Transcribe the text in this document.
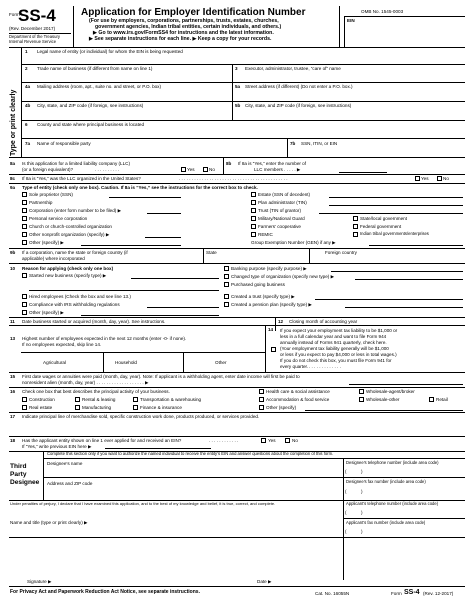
Form
SS-4
(Rev. December 2017)
Department of the Treasury
Internal Revenue Service
Application for Employer Identification Number
(For use by employers, corporations, partnerships, trusts, estates, churches,
government agencies, Indian tribal entities, certain individuals, and others.)
▶ Go to www.irs.gov/FormSS4 for instructions and the latest information.
▶ See separate instructions for each line. ▶ Keep a copy for your records.
OMB No. 1545-0003
EIN
Type or print clearly
1 Legal name of entity (or individual) for whom the EIN is being requested
2 Trade name of business (if different from name on line 1)	3 Executor, administrator, trustee, “care of” name
4a Mailing address (room, apt., suite no. and street, or P.O. box)	5a Street address (if different) (Do not enter a P.O. box.)
4b City, state, and ZIP code (if foreign, see instructions)	5b City, state, and ZIP code (if foreign, see instructions)
6 County and state where principal business is located
7a Name of responsible party	7b SSN, ITIN, or EIN
8a Is this application for a limited liability company (LLC)
(or a foreign equivalent)?	. . . . . . . . . .	Yes	No
8b If 8a is “Yes,” enter the number of
LLC members . . . . . ▶
8c If 8a is “Yes,” was the LLC organized in the United States?	. . . . . . . . . . . . . . . . . . . . . . . . . . . . . . . . . . . . . . . . . . .	Yes	No
9a Type of entity (check only one box). Caution. If 8a is “Yes,” see the instructions for the correct box to check.
Sole proprietor (SSN)
Partnership
Corporation (enter form number to be filed) ▶
Personal service corporation
Church or church-controlled organization
Other nonprofit organization (specify) ▶
Other (specify) ▶
Estate (SSN of decedent)
Plan administrator (TIN)
Trust (TIN of grantor)
Military/National Guard
Farmers’ cooperative
REMIC
Group Exemption Number (GEN) if any ▶
State/local government
Federal government
Indian tribal governments/enterprises
9b If a corporation, name the state or foreign country (if
applicable) where incorporated
State	Foreign country
10 Reason for applying (check only one box)
Started new business (specify type) ▶
Hired employees (Check the box and see line 13.)
Compliance with IRS withholding regulations
Other (specify) ▶
Banking purpose (specify purpose) ▶
Changed type of organization (specify new type) ▶
Purchased going business
Created a trust (specify type) ▶
Created a pension plan (specify type) ▶
11 Date business started or acquired (month, day, year). See instructions.	12 Closing month of accounting year
13 Highest number of employees expected in the next 12 months (enter -0- if none).
If no employees expected, skip line 14.
Agricultural	Household	Other
14 If you expect your employment tax liability to be $1,000 or
less in a full calendar year and want to file Form 944
annually instead of Forms 941 quarterly, check here.
(Your employment tax liability generally will be $1,000
or less if you expect to pay $4,000 or less in total wages.)
If you do not check this box, you must file Form 941 for
every quarter. . . . . . . . . . . . . .
15 First date wages or annuities were paid (month, day, year). Note: If applicant is a withholding agent, enter date income will first be paid to
nonresident alien (month, day, year) . . . . . . . . . . . . . . . . . . . ▶
16 Check one box that best describes the principal activity of your business.	Health care & social assistance	Wholesale-agent/broker
Construction	Rental & leasing	Transportation & warehousing	Accommodation & food service	Wholesale-other	Retail
Real estate	Manufacturing	Finance & insurance	Other (specify)
17 Indicate principal line of merchandise sold, specific construction work done, products produced, or services provided.
18 Has the applicant entity shown on line 1 ever applied for and received an EIN?	. . . . . . . . . . . .	Yes	No
If “Yes,” write previous EIN here ▶
Third
Party
Designee
Complete this section only if you want to authorize the named individual to receive the entity’s EIN and answer questions about the completion of this form.
Designee’s name	Designee’s telephone number (include area code)
(	)
Address and ZIP code	Designee’s fax number (include area code)
(	)
Under penalties of perjury, I declare that I have examined this application, and to the best of my knowledge and belief, it is true, correct, and complete.	Applicant’s telephone number (include area code)
(	)
Name and title (type or print clearly) ▶	Applicant’s fax number (include area code)
(	)
Signature ▶	Date ▶
For Privacy Act and Paperwork Reduction Act Notice, see separate instructions.	Cat. No. 16055N	Form SS-4 (Rev. 12-2017)
